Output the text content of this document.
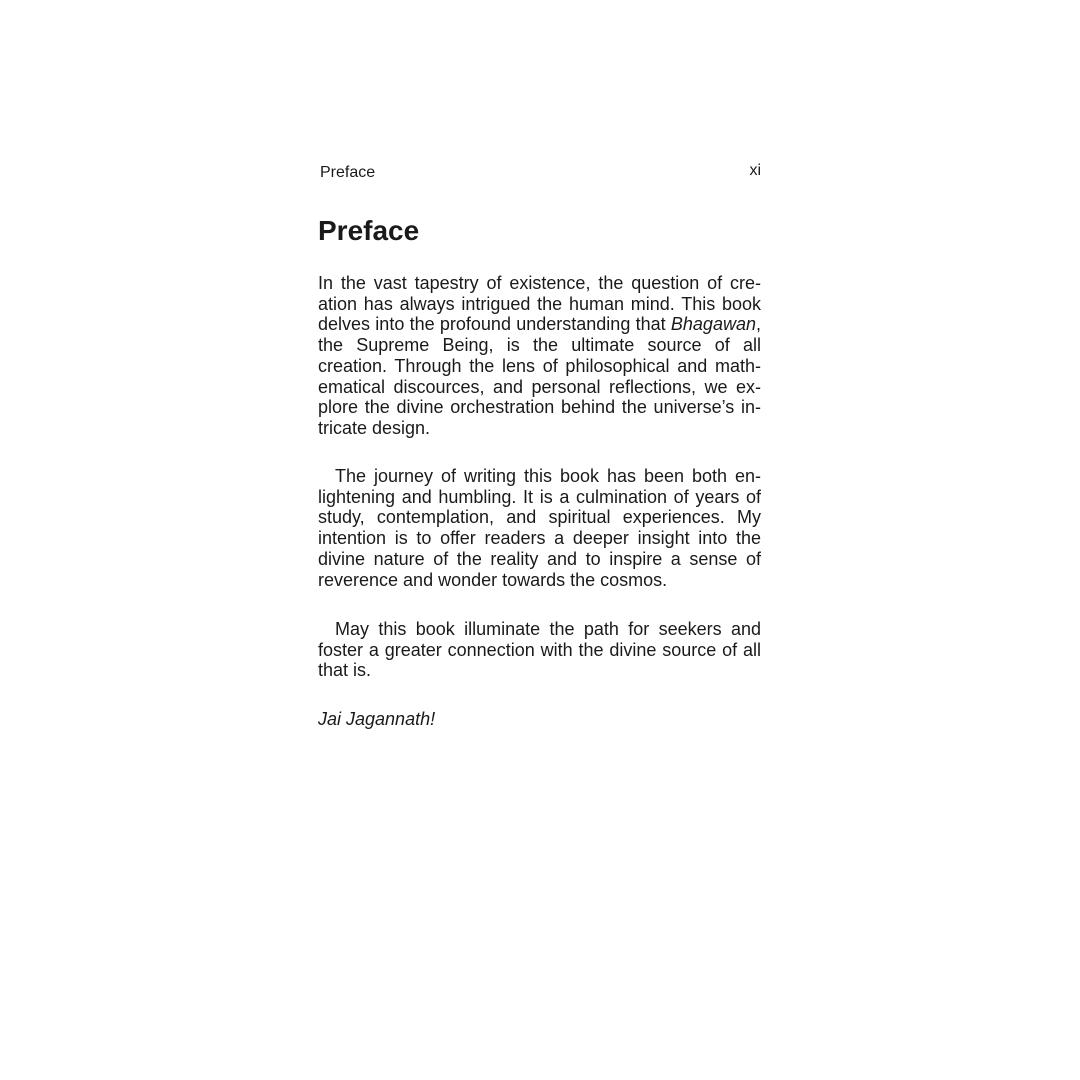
Preface	xi
Preface

In the vast tapestry of existence, the question of creation has always intrigued the human mind. This book delves into the profound understanding that Bhagawan, the Supreme Being, is the ultimate source of all creation. Through the lens of philosophical and mathematical discources, and personal reflections, we explore the divine orchestration behind the universe’s intricate design.

The journey of writing this book has been both enlightening and humbling. It is a culmination of years of study, contemplation, and spiritual experiences. My intention is to offer readers a deeper insight into the divine nature of the reality and to inspire a sense of reverence and wonder towards the cosmos.

May this book illuminate the path for seekers and foster a greater connection with the divine source of all that is.

Jai Jagannath!
